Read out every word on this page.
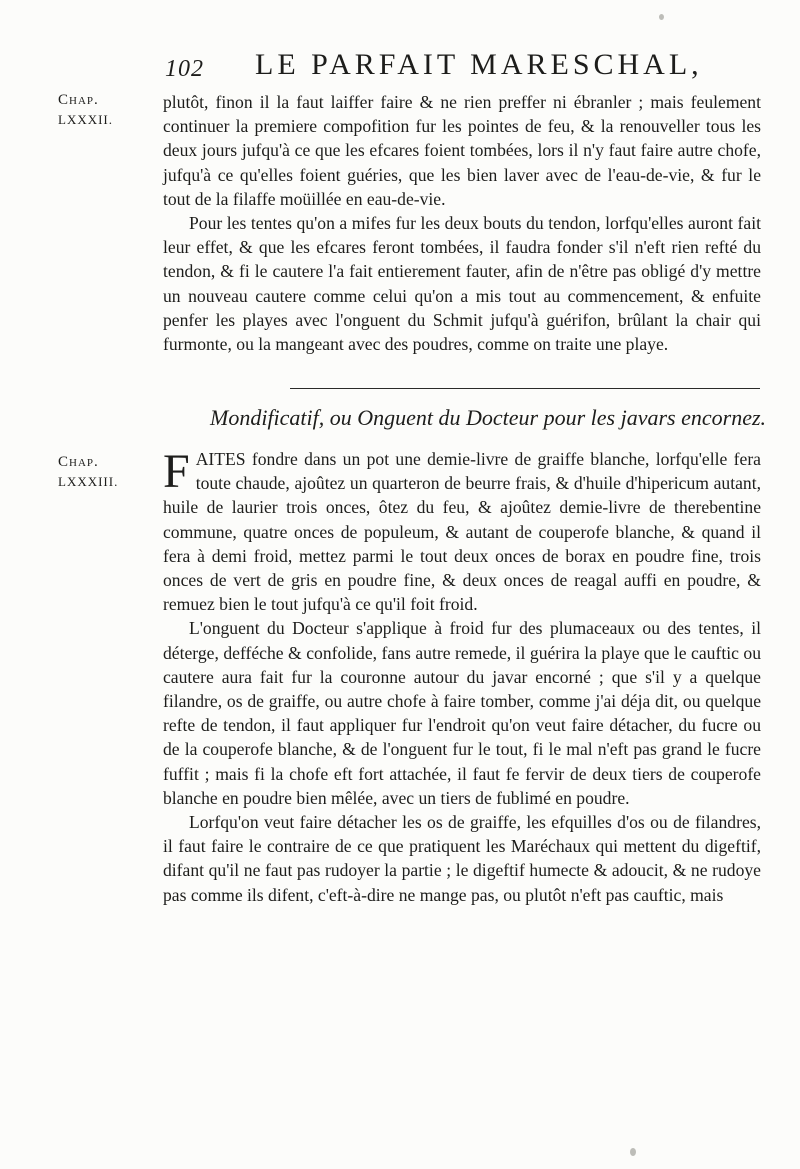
102 LE PARFAIT MARESCHAL,
Chap.
LXXXII.

plutôt, finon il la faut laiffer faire & ne rien preffer ni ébranler ; mais feulement continuer la premiere compofition fur les pointes de feu, & la renouveller tous les deux jours jufqu'à ce que les efcares foient tombées, lors il n'y faut faire autre chofe, jufqu'à ce qu'elles foient guéries, que les bien laver avec de l'eau-de-vie, & fur le tout de la filaffe moüillée en eau-de-vie.

Pour les tentes qu'on a mifes fur les deux bouts du tendon, lorfqu'elles auront fait leur effet, & que les efcares feront tombées, il faudra fonder s'il n'eft rien refté du tendon, & fi le cautere l'a fait entierement fauter, afin de n'être pas obligé d'y mettre un nouveau cautere comme celui qu'on a mis tout au commencement, & enfuite penfer les playes avec l'onguent du Schmit jufqu'à guérifon, brûlant la chair qui furmonte, ou la mangeant avec des poudres, comme on traite une playe.

Mondificatif, ou Onguent du Docteur pour les javars encornez.
Chap.
LXXXIII. FAITES fondre dans un pot une demie-livre de graiffe blanche, lorfqu'elle fera toute chaude, ajoûtez un quarteron de beurre frais, & d'huile d'hipericum autant, huile de laurier trois onces, ôtez du feu, & ajoûtez demie-livre de therebentine commune, quatre onces de populeum, & autant de couperofe blanche, & quand il fera à demi froid, mettez parmi le tout deux onces de borax en poudre fine, trois onces de vert de gris en poudre fine, & deux onces de reagal auffi en poudre, & remuez bien le tout jufqu'à ce qu'il foit froid.

L'onguent du Docteur s'applique à froid fur des plumaceaux ou des tentes, il déterge, defféche & confolide, fans autre remede, il guérira la playe que le cauftic ou cautere aura fait fur la couronne autour du javar encorné ; que s'il y a quelque filandre, os de graiffe, ou autre chofe à faire tomber, comme j'ai déja dit, ou quelque refte de tendon, il faut appliquer fur l'endroit qu'on veut faire détacher, du fucre ou de la couperofe blanche, & de l'onguent fur le tout, fi le mal n'eft pas grand le fucre fuffit ; mais fi la chofe eft fort attachée, il faut fe fervir de deux tiers de couperofe blanche en poudre bien mêlée, avec un tiers de fublimé en poudre.

Lorfqu'on veut faire détacher les os de graiffe, les efquilles d'os ou de filandres, il faut faire le contraire de ce que pratiquent les Maréchaux qui mettent du digeftif, difant qu'il ne faut pas rudoyer la partie ; le digeftif humecte & adoucit, & ne rudoye pas comme ils difent, c'eft-à-dire ne mange pas, ou plutôt n'eft pas cauftic, mais
